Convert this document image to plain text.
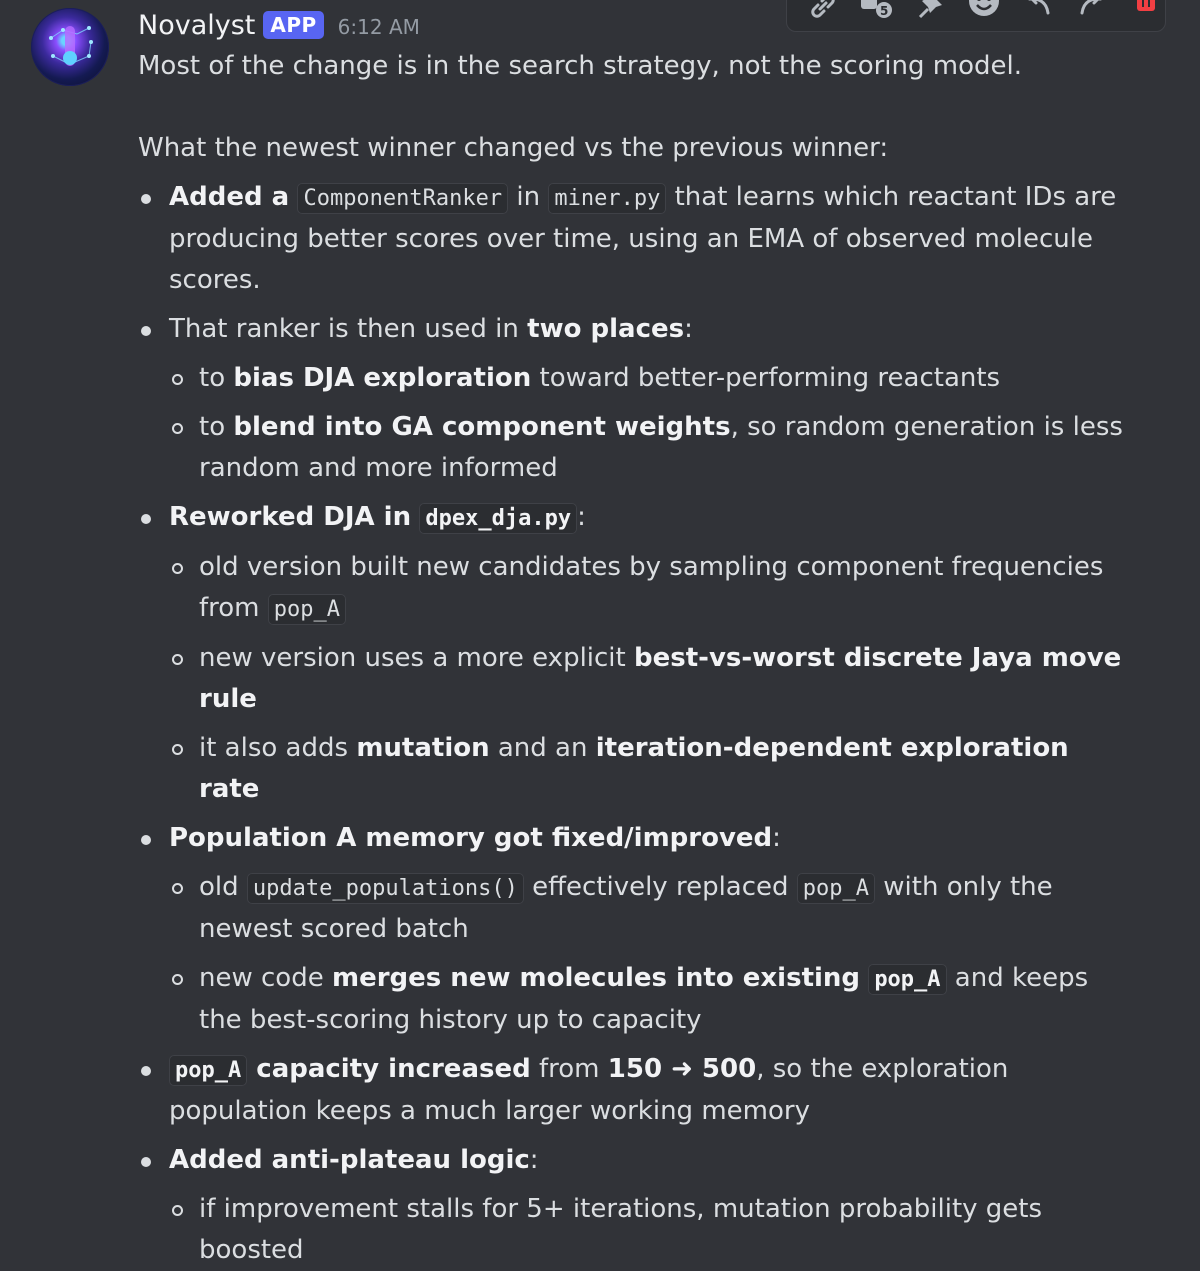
Novalyst APP	6:12 AM
5

Most of the change is in the search strategy, not the scoring model.

What the newest winner changed vs the previous winner:

Added a ComponentRanker in miner.py that learns which reactant IDs are producing better scores over time, using an EMA of observed molecule scores.
That ranker is then used in two places:
to bias DJA exploration toward better-performing reactants
to blend into GA component weights, so random generation is less random and more informed
Reworked DJA in dpex_dja.py :
old version built new candidates by sampling component frequencies from pop_A
new version uses a more explicit best-vs-worst discrete Jaya move rule
it also adds mutation and an iteration-dependent exploration rate
Population A memory got fixed/improved:
old update_populations() effectively replaced pop_A with only the newest scored batch
new code merges new molecules into existing pop_A and keeps the best-scoring history up to capacity
pop_A capacity increased from 150 ➜ 500, so the exploration population keeps a much larger working memory
Added anti-plateau logic:
if improvement stalls for 5+ iterations, mutation probability gets boosted
